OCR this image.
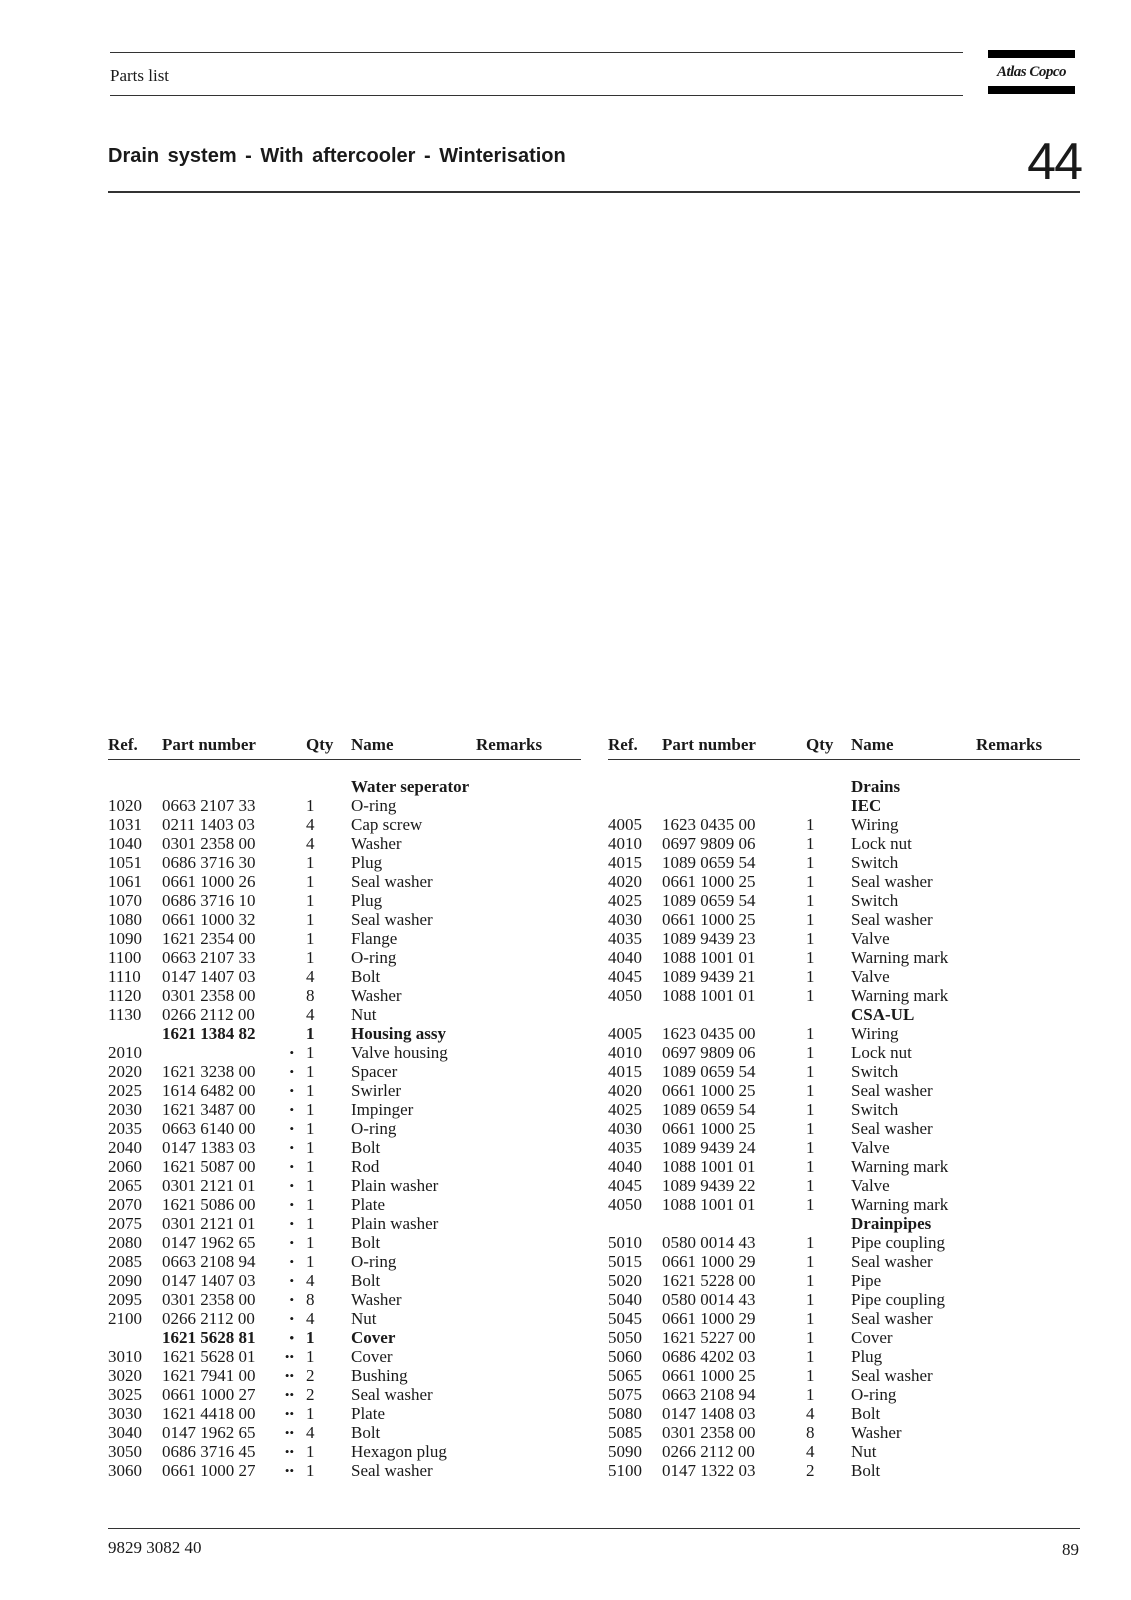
Parts list	Atlas Copco
Drain system - With aftercooler - Winterisation	44
Ref. Part number	Qty Name	Remarks
Water seperator
1020 0663 2107 33	1 O-ring
1031 0211 1403 03	4 Cap screw
1040 0301 2358 00	4 Washer
1051 0686 3716 30	1 Plug
1061 0661 1000 26	1 Seal washer
1070 0686 3716 10	1 Plug
1080 0661 1000 32	1 Seal washer
1090 1621 2354 00	1 Flange
1100 0663 2107 33	1 O-ring
1110 0147 1407 03	4 Bolt
1120 0301 2358 00	8 Washer
1130 0266 2112 00	4 Nut
1621 1384 82	1 Housing assy
2010	• 1 Valve housing
2020 1621 3238 00	• 1 Spacer
2025 1614 6482 00	• 1 Swirler
2030 1621 3487 00	• 1 Impinger
2035 0663 6140 00	• 1 O-ring
2040 0147 1383 03	• 1 Bolt
2060 1621 5087 00	• 1 Rod
2065 0301 2121 01	• 1 Plain washer
2070 1621 5086 00	• 1 Plate
2075 0301 2121 01	• 1 Plain washer
2080 0147 1962 65	• 1 Bolt
2085 0663 2108 94	• 1 O-ring
2090 0147 1407 03	• 4 Bolt
2095 0301 2358 00	• 8 Washer
2100 0266 2112 00	• 4 Nut
1621 5628 81	• 1 Cover
3010 1621 5628 01	•• 1 Cover
3020 1621 7941 00	•• 2 Bushing
3025 0661 1000 27	•• 2 Seal washer
3030 1621 4418 00	•• 1 Plate
3040 0147 1962 65	•• 4 Bolt
3050 0686 3716 45	•• 1 Hexagon plug
3060 0661 1000 27	•• 1 Seal washer
Ref. Part number	Qty Name	Remarks
Drains
IEC
4005 1623 0435 00	1 Wiring
4010 0697 9809 06	1 Lock nut
4015 1089 0659 54	1 Switch
4020 0661 1000 25	1 Seal washer
4025 1089 0659 54	1 Switch
4030 0661 1000 25	1 Seal washer
4035 1089 9439 23	1 Valve
4040 1088 1001 01	1 Warning mark
4045 1089 9439 21	1 Valve
4050 1088 1001 01	1 Warning mark
CSA-UL
4005 1623 0435 00	1 Wiring
4010 0697 9809 06	1 Lock nut
4015 1089 0659 54	1 Switch
4020 0661 1000 25	1 Seal washer
4025 1089 0659 54	1 Switch
4030 0661 1000 25	1 Seal washer
4035 1089 9439 24	1 Valve
4040 1088 1001 01	1 Warning mark
4045 1089 9439 22	1 Valve
4050 1088 1001 01	1 Warning mark
Drainpipes
5010 0580 0014 43	1 Pipe coupling
5015 0661 1000 29	1 Seal washer
5020 1621 5228 00	1 Pipe
5040 0580 0014 43	1 Pipe coupling
5045 0661 1000 29	1 Seal washer
5050 1621 5227 00	1 Cover
5060 0686 4202 03	1 Plug
5065 0661 1000 25	1 Seal washer
5075 0663 2108 94	1 O-ring
5080 0147 1408 03	4 Bolt
5085 0301 2358 00	8 Washer
5090 0266 2112 00	4 Nut
5100 0147 1322 03	2 Bolt
9829 3082 40	89
